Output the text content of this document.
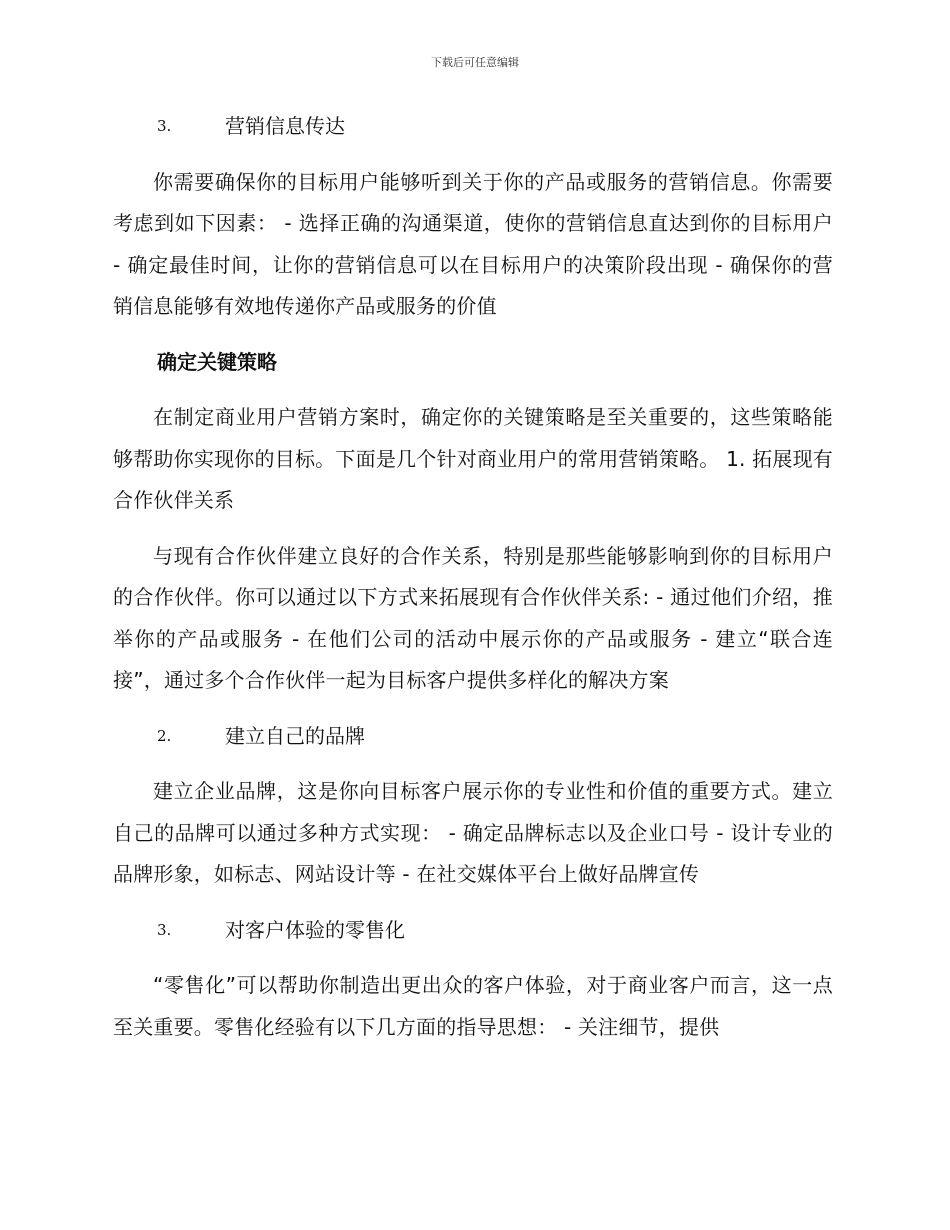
下载后可任意编辑
3.	营销信息传达

你需要确保你的目标用户能够听到关于你的产品或服务的营销信息。你需要考虑到如下因素： - 选择正确的沟通渠道，使你的营销信息直达到你的目标用户 - 确定最佳时间，让你的营销信息可以在目标用户的决策阶段出现 - 确保你的营销信息能够有效地传递你产品或服务的价值

确定关键策略

在制定商业用户营销方案时，确定你的关键策略是至关重要的，这些策略能够帮助你实现你的目标。下面是几个针对商业用户的常用营销策略。 1. 拓展现有合作伙伴关系

与现有合作伙伴建立良好的合作关系，特别是那些能够影响到你的目标用户的合作伙伴。你可以通过以下方式来拓展现有合作伙伴关系: - 通过他们介绍，推举你的产品或服务 - 在他们公司的活动中展示你的产品或服务 - 建立“联合连接”，通过多个合作伙伴一起为目标客户提供多样化的解决方案

2.	建立自己的品牌

建立企业品牌，这是你向目标客户展示你的专业性和价值的重要方式。建立自己的品牌可以通过多种方式实现： - 确定品牌标志以及企业口号 - 设计专业的品牌形象，如标志、网站设计等 - 在社交媒体平台上做好品牌宣传

3.	对客户体验的零售化

“零售化”可以帮助你制造出更出众的客户体验，对于商业客户而言，这一点至关重要。零售化经验有以下几方面的指导思想： - 关注细节，提供
